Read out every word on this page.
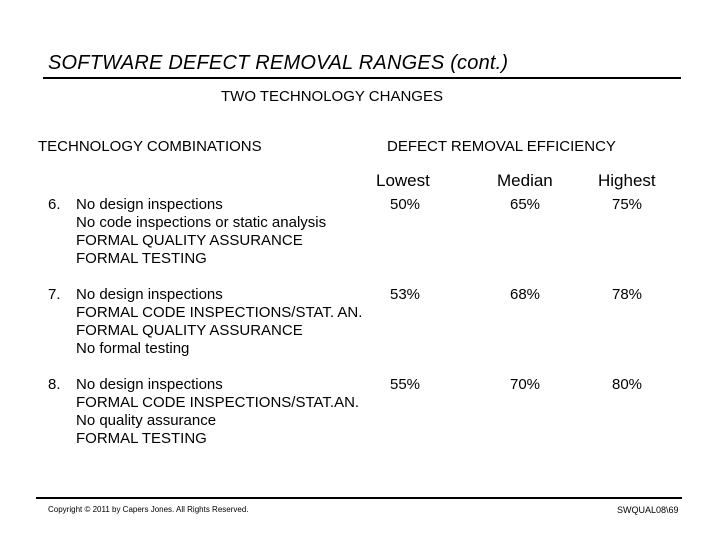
SOFTWARE DEFECT REMOVAL RANGES (cont.)
TWO TECHNOLOGY CHANGES
TECHNOLOGY COMBINATIONS	DEFECT REMOVAL EFFICIENCY
Lowest	Median	Highest
6. No design inspections
No code inspections or static analysis
FORMAL QUALITY ASSURANCE
FORMAL TESTING
50%	65%	75%
7. No design inspections
FORMAL CODE INSPECTIONS/STAT. AN.
FORMAL QUALITY ASSURANCE
No formal testing
53%	68%	78%
8. No design inspections
FORMAL CODE INSPECTIONS/STAT.AN.
No quality assurance
FORMAL TESTING
55%	70%	80%
Copyright © 2011 by Capers Jones. All Rights Reserved.	SWQUAL08\69
